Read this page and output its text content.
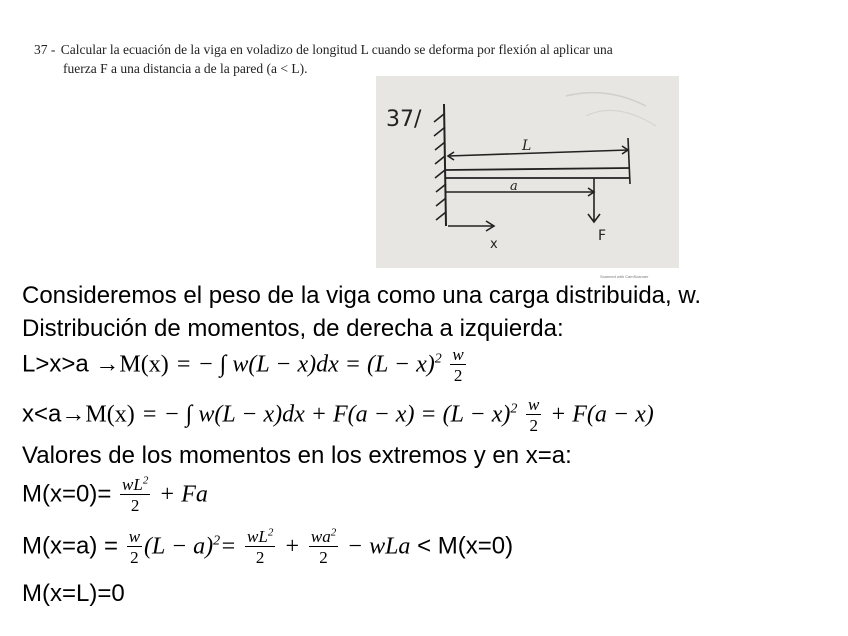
37 - Calcular la ecuación de la viga en voladizo de longitud L cuando se deforma por flexión al aplicar una
fuerza F a una distancia a de la pared (a < L).
37/
L
a
F
x
Scanned with CamScanner
Consideremos el peso de la viga como una carga distribuida, w.
Distribución de momentos, de derecha a izquierda:
L>x>a →M(x) = − ∫ $w(L - x)dx = (L - x)^2 \frac{w}{2}$
x<a→M(x) = − ∫ $w(L - x)dx + F(a - x) = (L - x)^2 \frac{w}{2} + F(a - x)$
Valores de los momentos en los extremos y en x=a:
$M(x=0)= \frac{wL^2}{2} + Fa$
$M(x=a) = \frac{w}{2} (L - a)^2= \frac{wL^2}{2} + \frac{wa^2}{2}$ − wLa < M(x=0)
M(x=L)=0
